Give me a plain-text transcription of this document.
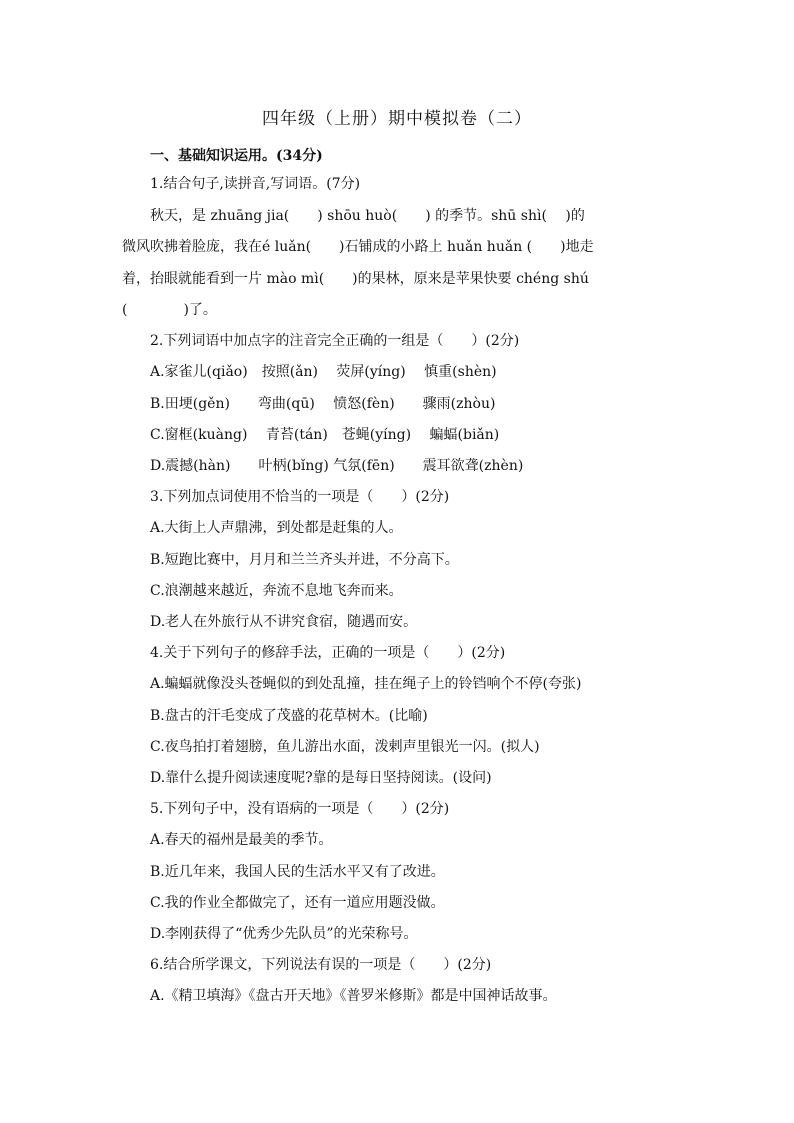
四年级（上册）期中模拟卷（二）
一、基础知识运用。(34分)
1.结合句子,读拼音,写词语。(7分)
秋天，是 zhuāng jia(　　) shōu huò(　　) 的季节。shū shì(　 )的
微风吹拂着脸庞，我在é luǎn(　　)石铺成的小路上 huǎn huǎn (　　)地走
着，抬眼就能看到一片 mào mì(　　)的果林，原来是苹果快要 chéng shú
(　　　　)了。
2.下列词语中加点字的注音完全正确的一组是（　　）(2分)
A.家雀儿(qiǎo)　按照(ǎn)　 荧屏(yíng)　 慎重(shèn)
B.田埂(gěn)　　弯曲(qū)　 愤怒(fèn)　　骤雨(zhòu)
C.窗框(kuàng)　 青苔(tán)　苍蝇(yíng)　 蝙蝠(biǎn)
D.震撼(hàn)　　叶柄(bǐng) 气氛(fēn)　　震耳欲聋(zhèn)
3.下列加点词使用不恰当的一项是（　　）(2分)
A.大街上人声鼎沸，到处都是赶集的人。
B.短跑比赛中，月月和兰兰齐头并进，不分高下。
C.浪潮越来越近，奔流不息地飞奔而来。
D.老人在外旅行从不讲究食宿，随遇而安。
4.关于下列句子的修辞手法，正确的一项是（　　）(2分)
A.蝙蝠就像没头苍蝇似的到处乱撞，挂在绳子上的铃铛响个不停(夸张)
B.盘古的汗毛变成了茂盛的花草树木。(比喻)
C.夜鸟拍打着翅膀，鱼儿游出水面，泼剌声里银光一闪。(拟人)
D.靠什么提升阅读速度呢?靠的是每日坚持阅读。(设问)
5.下列句子中，没有语病的一项是（　　）(2分)
A.春天的福州是最美的季节。
B.近几年来，我国人民的生活水平又有了改进。
C.我的作业全都做完了，还有一道应用题没做。
D.李刚获得了“优秀少先队员”的光荣称号。
6.结合所学课文，下列说法有误的一项是（　　）(2分)
A.《精卫填海》《盘古开天地》《普罗米修斯》都是中国神话故事。
